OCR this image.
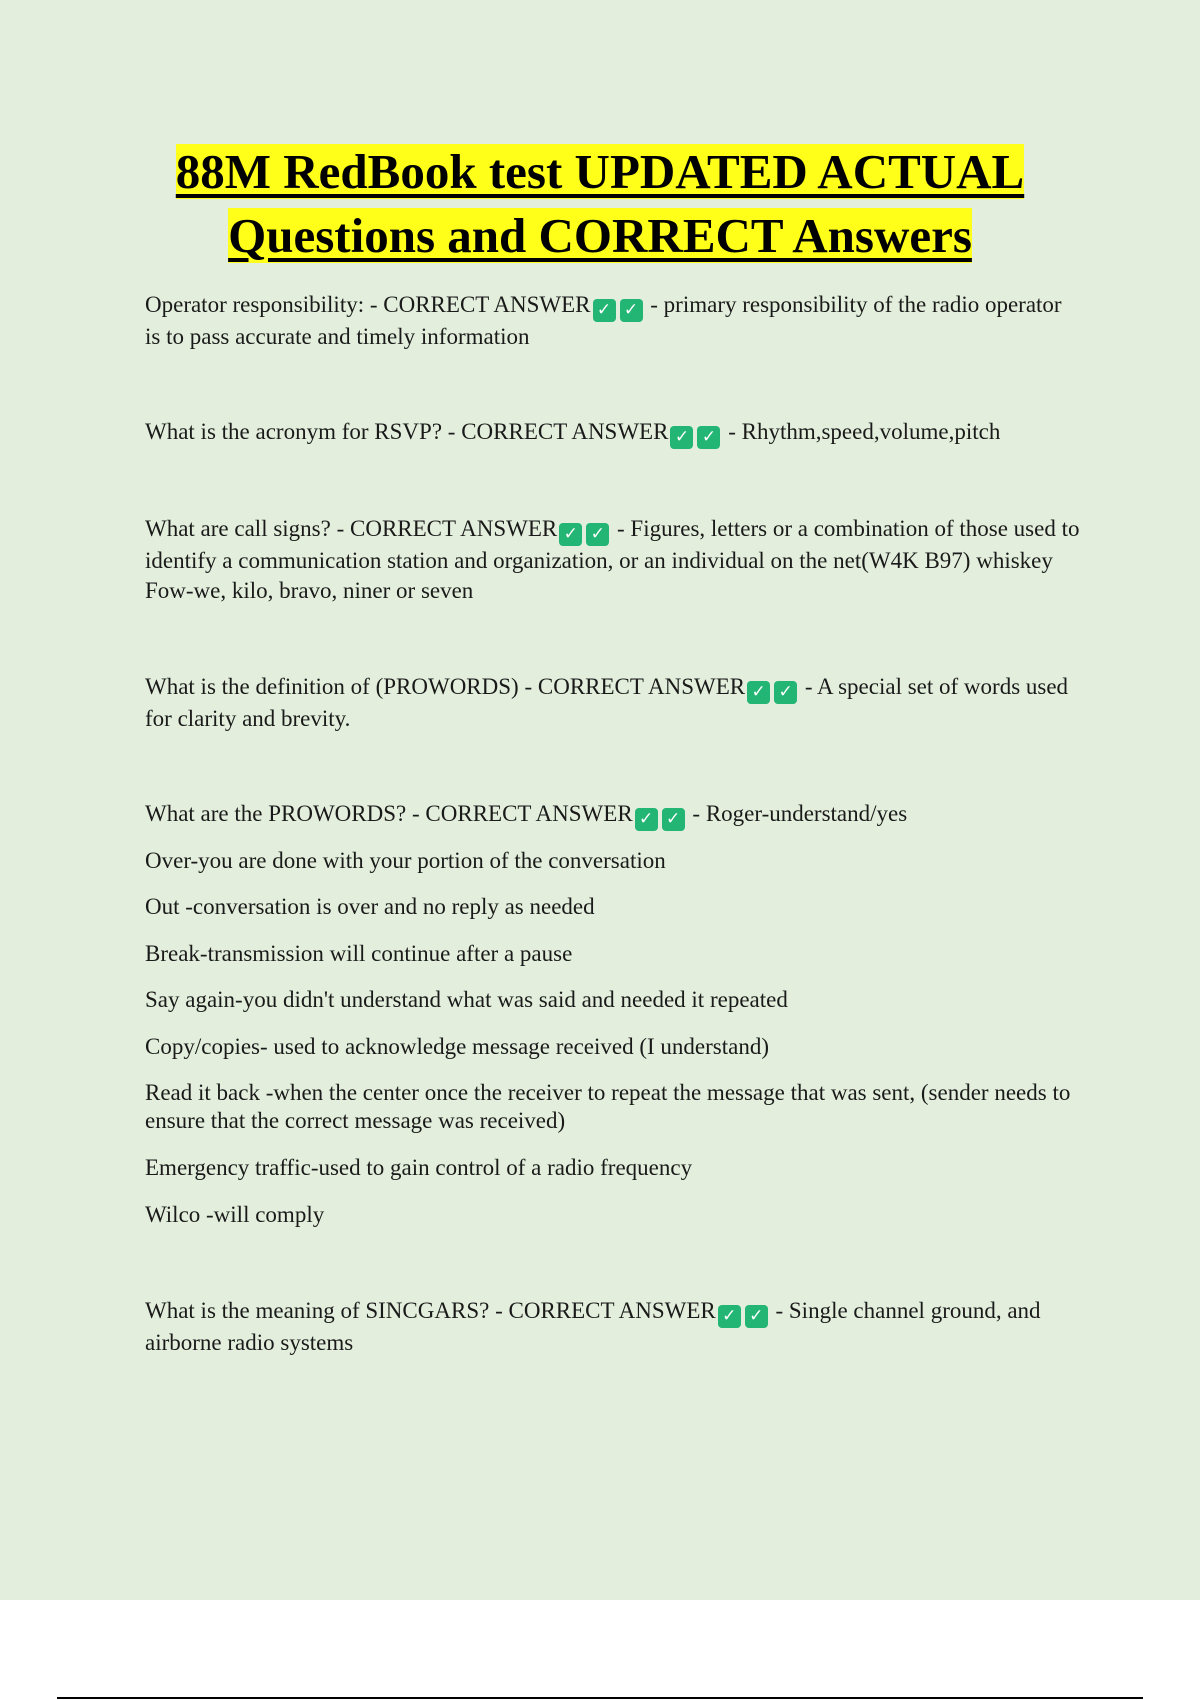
88M RedBook test UPDATED ACTUAL
Questions and CORRECT Answers

Operator responsibility: - CORRECT ANSWER ✓ ✓ - primary responsibility of the radio operator is to pass accurate and timely information

What is the acronym for RSVP? - CORRECT ANSWER ✓ ✓ - Rhythm,speed,volume,pitch

What are call signs? - CORRECT ANSWER ✓ ✓ - Figures, letters or a combination of those used to identify a communication station and organization, or an individual on the net(W4K B97) whiskey Fow-we, kilo, bravo, niner or seven

What is the definition of (PROWORDS) - CORRECT ANSWER ✓ ✓ - A special set of words used for clarity and brevity.

What are the PROWORDS? - CORRECT ANSWER ✓ ✓ - Roger-understand/yes

Over-you are done with your portion of the conversation

Out -conversation is over and no reply as needed

Break-transmission will continue after a pause

Say again-you didn't understand what was said and needed it repeated

Copy/copies- used to acknowledge message received (I understand)

Read it back -when the center once the receiver to repeat the message that was sent, (sender needs to ensure that the correct message was received)

Emergency traffic-used to gain control of a radio frequency

Wilco -will comply

What is the meaning of SINCGARS? - CORRECT ANSWER ✓ ✓ - Single channel ground, and airborne radio systems
